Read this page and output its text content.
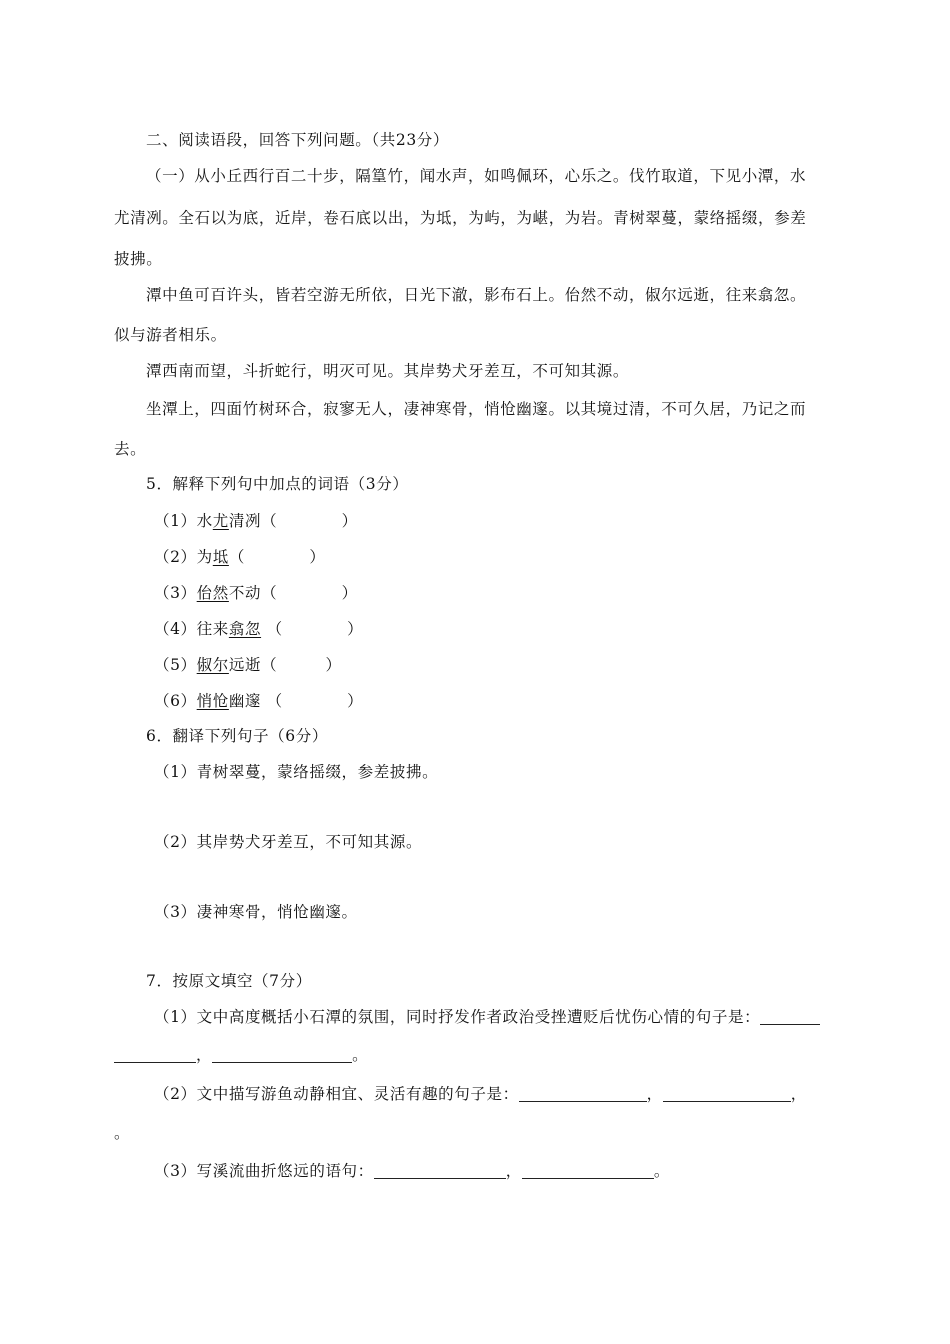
二、阅读语段，回答下列问题。（共23分）
（一）从小丘西行百二十步，隔篁竹，闻水声，如鸣佩环，心乐之。伐竹取道，下见小潭，水
尤清冽。全石以为底，近岸，卷石底以出，为坻，为屿，为嵁，为岩。青树翠蔓，蒙络摇缀，参差
披拂。
潭中鱼可百许头，皆若空游无所依，日光下澈，影布石上。佁然不动，俶尔远逝，往来翕忽。
似与游者相乐。
潭西南而望，斗折蛇行，明灭可见。其岸势犬牙差互，不可知其源。
坐潭上，四面竹树环合，寂寥无人，凄神寒骨，悄怆幽邃。以其境过清，不可久居，乃记之而
去。
5．解释下列句中加点的词语（3分）
（1）水尤清冽（　　　　）
（2）为坻（　　　　）
（3）佁然不动（　　　　）
（4）往来翕忽 （　　　　）
（5）俶尔远逝（　　　）
（6）悄怆幽邃 （　　　　）
6．翻译下列句子（6分）
（1）青树翠蔓，蒙络摇缀，参差披拂。
（2）其岸势犬牙差互，不可知其源。
（3）凄神寒骨，悄怆幽邃。
7．按原文填空（7分）
（1）文中高度概括小石潭的氛围，同时抒发作者政治受挫遭贬后忧伤心情的句子是：
，	。
（2）文中描写游鱼动静相宜、灵活有趣的句子是：	，	，
。
（3）写溪流曲折悠远的语句：	，	。
